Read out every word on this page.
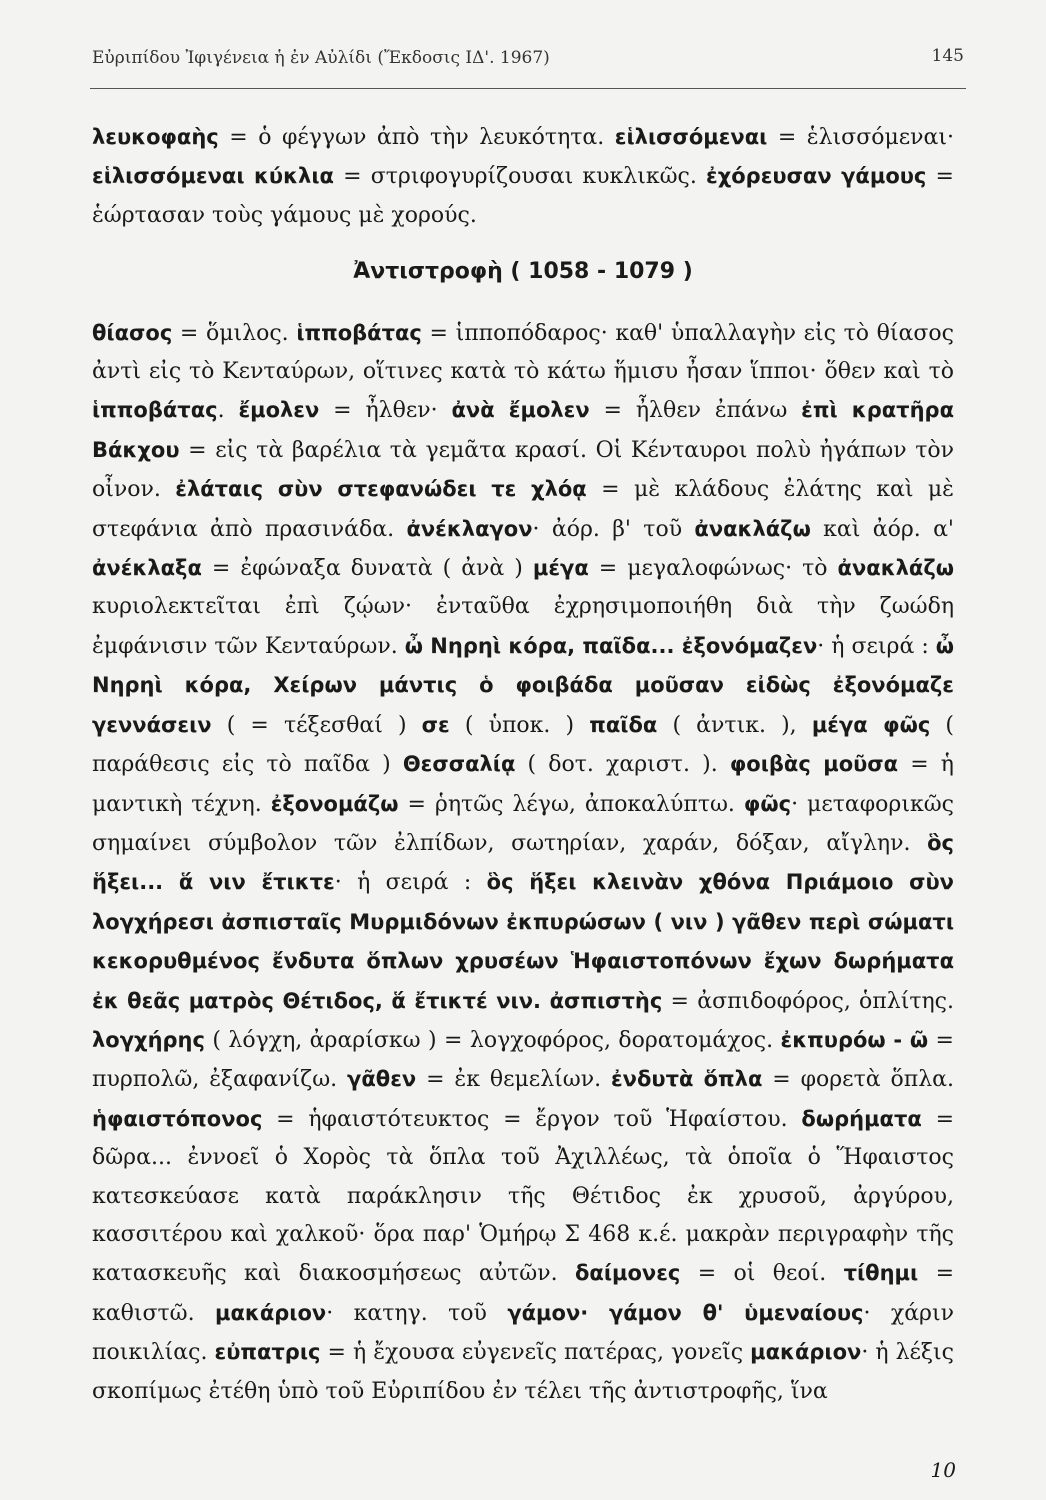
Εὐριπίδου Ἰφιγένεια ἡ ἐν Αὐλίδι (Ἔκδοσις ΙΔ'. 1967)	145

λευκοφαὴς = ὁ φέγγων ἀπὸ τὴν λευκότητα. εἱλισσόμεναι = ἑλισσόμεναι· εἱλισσόμεναι κύκλια = στριφογυρίζουσαι κυκλικῶς. ἐχόρευσαν γάμους = ἑώρτασαν τοὺς γάμους μὲ χορούς.

Ἀντιστροφὴ ( 1058 - 1079 )

θίασος = ὅμιλος. ἱπποβάτας = ἱπποπόδαρος· καθ' ὑπαλλαγὴν εἰς τὸ θίασος ἀντὶ εἰς τὸ Κενταύρων, οἵτινες κατὰ τὸ κάτω ἥμισυ ἦσαν ἵπποι· ὅθεν καὶ τὸ ἱπποβάτας. ἔμολεν = ἦλθεν· ἀνὰ ἔμολεν = ἦλθεν ἐπάνω ἐπὶ κρατῆρα Βάκχου = εἰς τὰ βαρέλια τὰ γεμᾶτα κρασί. Οἱ Κένταυροι πολὺ ἠγάπων τὸν οἶνον. ἐλάταις σὺν στεφανώδει τε χλόᾳ = μὲ κλάδους ἐλάτης καὶ μὲ στεφάνια ἀπὸ πρασινάδα. ἀνέκλαγον· ἀόρ. β' τοῦ ἀνακλάζω καὶ ἀόρ. α' ἀνέκλαξα = ἐφώναξα δυνατὰ ( ἀνὰ ) μέγα = μεγαλοφώνως· τὸ ἀνακλάζω κυριολεκτεῖται ἐπὶ ζῴων· ἐνταῦθα ἐχρησιμοποιήθη διὰ τὴν ζωώδη ἐμφάνισιν τῶν Κενταύρων. ὦ Νηρηὶ κόρα, παῖδα... ἐξονόμαζεν· ἡ σειρά : ὦ Νηρηὶ κόρα, Χείρων μάντις ὁ φοιβάδα μοῦσαν εἰδὼς ἐξονόμαζε γεννάσειν ( = τέξεσθαί ) σε ( ὑποκ. ) παῖδα ( ἀντικ. ), μέγα φῶς ( παράθεσις εἰς τὸ παῖδα ) Θεσσαλίᾳ ( δοτ. χαριστ. ). φοιβὰς μοῦσα = ἡ μαντικὴ τέχνη. ἐξονομάζω = ῥητῶς λέγω, ἀποκαλύπτω. φῶς· μεταφορικῶς σημαίνει σύμβολον τῶν ἐλπίδων, σωτηρίαν, χαράν, δόξαν, αἴγλην. ὃς ἥξει... ἅ νιν ἔτικτε· ἡ σειρά : ὃς ἥξει κλεινὰν χθόνα Πριάμοιο σὺν λογχήρεσι ἀσπισταῖς Μυρμιδόνων ἐκπυρώσων ( νιν ) γᾶθεν περὶ σώματι κεκορυθμένος ἔνδυτα ὅπλων χρυσέων Ἡφαιστοπόνων ἔχων δωρήματα ἐκ θεᾶς ματρὸς Θέτιδος, ἅ ἔτικτέ νιν. ἀσπιστὴς = ἀσπιδοφόρος, ὁπλίτης. λογχήρης ( λόγχη, ἀραρίσκω ) = λογχοφόρος, δορατομάχος. ἐκπυρόω - ῶ = πυρπολῶ, ἐξαφανίζω. γᾶθεν = ἐκ θεμελίων. ἐνδυτὰ ὅπλα = φορετὰ ὅπλα. ἡφαιστόπονος = ἡφαιστότευκτος = ἔργον τοῦ Ἡφαίστου. δωρήματα = δῶρα... ἐννοεῖ ὁ Χορὸς τὰ ὅπλα τοῦ Ἀχιλλέως, τὰ ὁποῖα ὁ Ἥφαιστος κατεσκεύασε κατὰ παράκλησιν τῆς Θέτιδος ἐκ χρυσοῦ, ἀργύρου, κασσιτέρου καὶ χαλκοῦ· ὅρα παρ' Ὁμήρῳ Σ 468 κ.έ. μακρὰν περιγραφὴν τῆς κατασκευῆς καὶ διακοσμήσεως αὐτῶν. δαίμονες = οἱ θεοί. τίθημι = καθιστῶ. μακάριον· κατηγ. τοῦ γάμον· γάμον θ' ὑμεναίους· χάριν ποικιλίας. εὐπατρις = ἡ ἔχουσα εὐγενεῖς πατέρας, γονεῖς μακάριον· ἡ λέξις σκοπίμως ἐτέθη ὑπὸ τοῦ Εὐριπίδου ἐν τέλει τῆς ἀντιστροφῆς, ἵνα

10
